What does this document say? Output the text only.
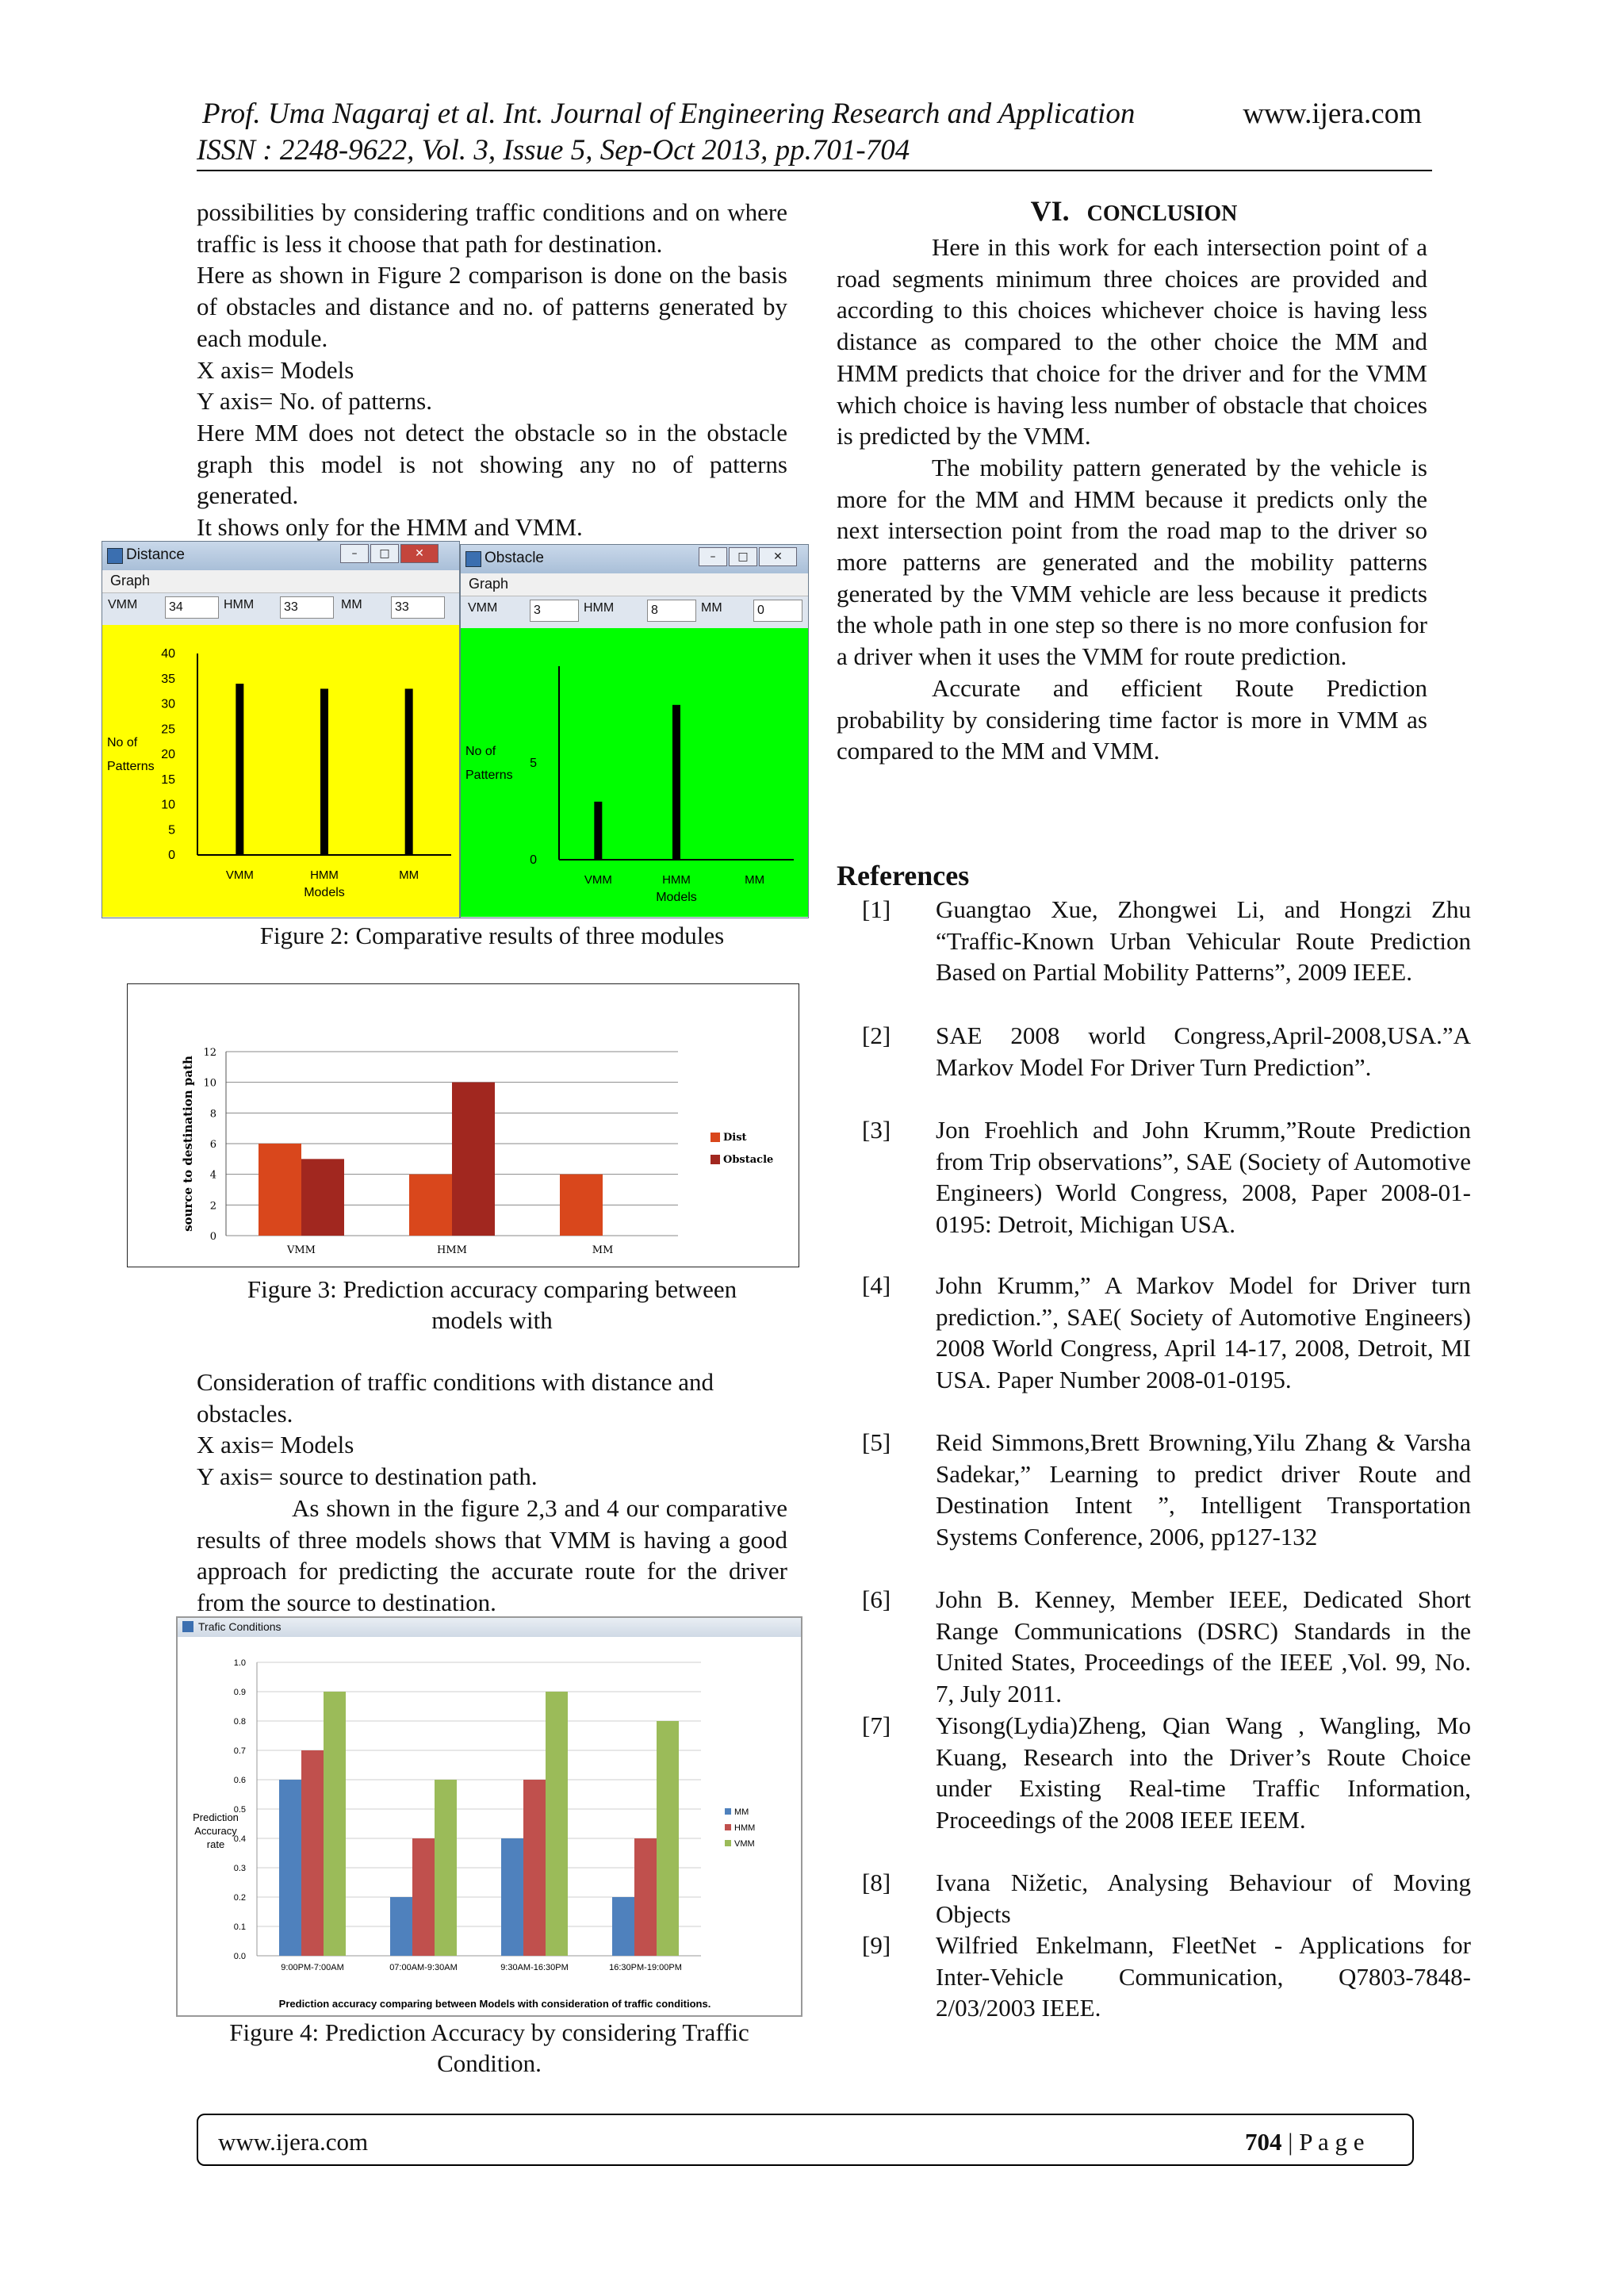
Prof. Uma Nagaraj et al. Int. Journal of Engineering Research and Application	www.ijera.com
ISSN : 2248-9622, Vol. 3, Issue 5, Sep-Oct 2013, pp.701-704

possibilities by considering traffic conditions and on where traffic is less it choose that path for destination.

Here as shown in Figure 2 comparison is done on the basis of obstacles and distance and no. of patterns generated by each module.

X axis= Models

Y axis= No. of patterns.

Here MM does not detect the obstacle so in the obstacle graph this model is not showing any no of patterns generated.

It shows only for the HMM and VMM.

Distance	–	□	✕
Graph
VMM	34	HMM	33	MM	33
0
5
10
15
20
25
30
35
40
VMM	HMM	MM
Models
No of
Patterns
Obstacle	–	□	✕
Graph
VMM	3	HMM	8	MM	0
0
5
VMM	HMM	MM
Models
No of
Patterns
Figure 2: Comparative results of three modules
0
2
4
6
8
10
12
VMM	HMM	MM
source to destination path	Dist
Obstacle
Figure 3: Prediction accuracy comparing between
models with

Consideration of traffic conditions with distance and obstacles.

X axis= Models

Y axis= source to destination path.

As shown in the figure 2,3 and 4 our comparative results of three models shows that VMM is having a good approach for predicting the accurate route for the driver from the source to destination.

Trafic Conditions
0.0
0.1
0.2
0.3
0.4
0.5
0.6
0.7
0.8
0.9
1.0
9:00PM-7:00AM	07:00AM-9:30AM	9:30AM-16:30PM	16:30PM-19:00PM
Prediction
Accuracy
rate
MM
HMM
VMM
Prediction accuracy comparing between Models with consideration of traffic conditions.
Figure 4: Prediction Accuracy by considering Traffic
Condition.
VI. CONCLUSION

Here in this work for each intersection point of a road segments minimum three choices are provided and according to this choices whichever choice is having less distance as compared to the other choice the MM and HMM predicts that choice for the driver and for the VMM which choice is having less number of obstacle that choices is predicted by the VMM.

The mobility pattern generated by the vehicle is more for the MM and HMM because it predicts only the next intersection point from the road map to the driver so more patterns are generated and the mobility patterns generated by the VMM vehicle are less because it predicts the whole path in one step so there is no more confusion for a driver when it uses the VMM for route prediction.

Accurate and efficient Route Prediction probability by considering time factor is more in VMM as compared to the MM and VMM.

References
[1] Guangtao Xue, Zhongwei Li, and Hongzi Zhu “Traffic-Known Urban Vehicular Route Prediction Based on Partial Mobility Patterns”, 2009 IEEE.
[2] SAE 2008 world Congress,April-2008,USA.”A Markov Model For Driver Turn Prediction”.
[3] Jon Froehlich and John Krumm,”Route Prediction from Trip observations”, SAE (Society of Automotive Engineers) World Congress, 2008, Paper 2008-01-0195: Detroit, Michigan USA.
[4] John Krumm,” A Markov Model for Driver turn prediction.”, SAE( Society of Automotive Engineers) 2008 World Congress, April 14-17, 2008, Detroit, MI USA. Paper Number 2008-01-0195.
[5] Reid Simmons,Brett Browning,Yilu Zhang & Varsha Sadekar,” Learning to predict driver Route and Destination Intent ”, Intelligent Transportation Systems Conference, 2006, pp127-132
[6] John B. Kenney, Member IEEE, Dedicated Short Range Communications (DSRC) Standards in the United States, Proceedings of the IEEE ,Vol. 99, No. 7, July 2011.
[7] Yisong(Lydia)Zheng, Qian Wang , Wangling, Mo Kuang, Research into the Driver’s Route Choice under Existing Real-time Traffic Information, Proceedings of the 2008 IEEE IEEM.
[8] Ivana Nižetic, Analysing Behaviour of Moving Objects
[9] Wilfried Enkelmann, FleetNet - Applications for Inter-Vehicle Communication, Q7803-7848-2/03/2003 IEEE.
www.ijera.com	704 | P a g e
